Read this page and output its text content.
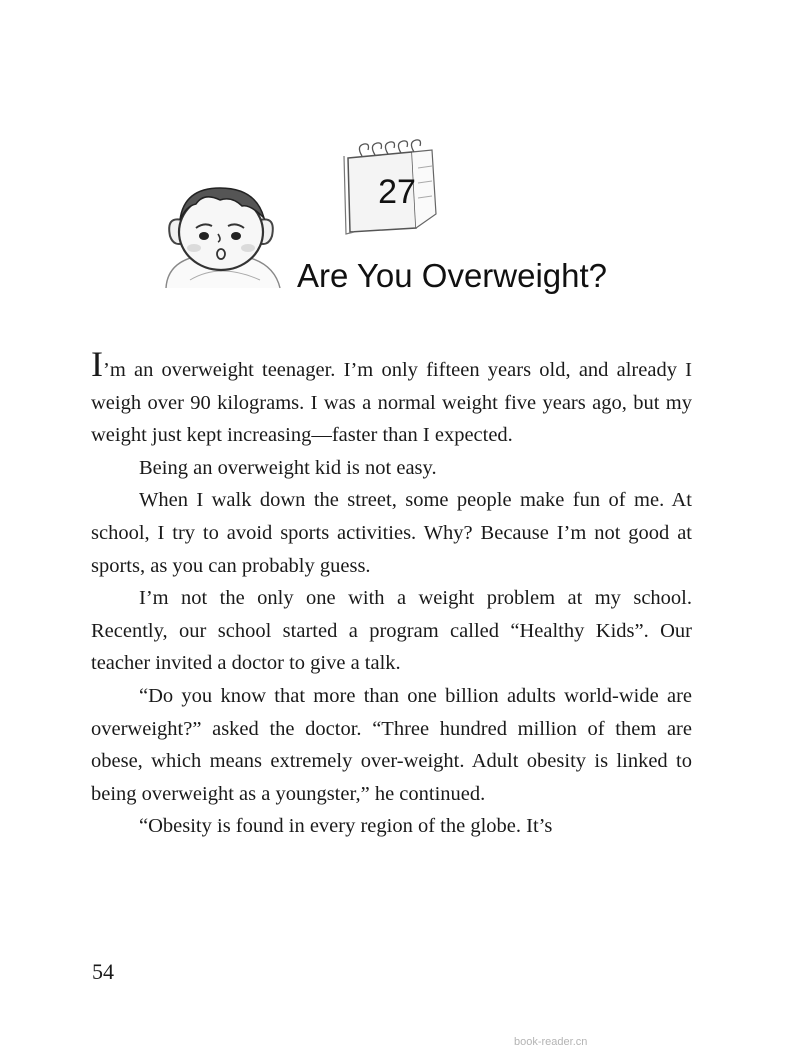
27
Are You Overweight?

I’m an overweight teenager. I’m only fifteen years old, and already I weigh over 90 kilograms. I was a normal weight five years ago, but my weight just kept increasing—faster than I expected.

Being an overweight kid is not easy.

When I walk down the street, some people make fun of me. At school, I try to avoid sports activities. Why? Because I’m not good at sports, as you can probably guess.

I’m not the only one with a weight problem at my school. Recently, our school started a program called “Healthy Kids”. Our teacher invited a doctor to give a talk.

“Do you know that more than one billion adults world-wide are overweight?” asked the doctor. “Three hundred million of them are obese, which means extremely over-weight. Adult obesity is linked to being overweight as a youngster,” he continued.

“Obesity is found in every region of the globe. It’s

54
book-reader.cn
